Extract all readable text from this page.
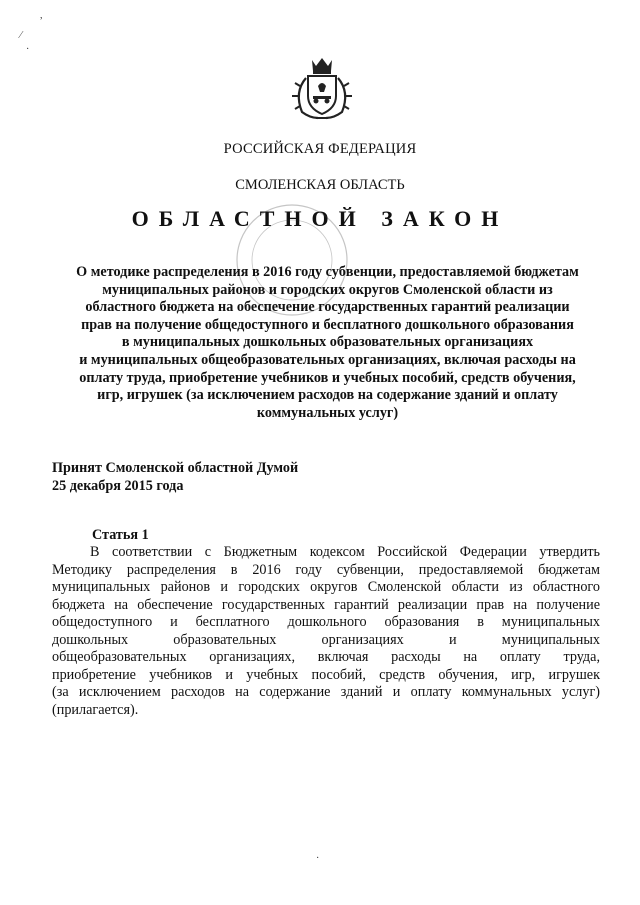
,
⁄
·
РОССИЙСКАЯ ФЕДЕРАЦИЯ
СМОЛЕНСКАЯ ОБЛАСТЬ
ОБЛАСТНОЙ ЗАКОН
О методике распределения в 2016 году субвенции, предоставляемой бюджетам
муниципальных районов и городских округов Смоленской области из
областного бюджета на обеспечение государственных гарантий реализации
прав на получение общедоступного и бесплатного дошкольного образования
в муниципальных дошкольных образовательных организациях
и муниципальных общеобразовательных организациях, включая расходы на
оплату труда, приобретение учебников и учебных пособий, средств обучения,
игр, игрушек (за исключением расходов на содержание зданий и оплату
коммунальных услуг)
Принят Смоленской областной Думой
25 декабря 2015 года
Статья 1
В соответствии с Бюджетным кодексом Российской Федерации утвердить
Методику распределения в 2016 году субвенции, предоставляемой бюджетам
муниципальных районов и городских округов Смоленской области из областного
бюджета на обеспечение государственных гарантий реализации прав на получение
общедоступного и бесплатного дошкольного образования в муниципальных
дошкольных образовательных организациях и муниципальных
общеобразовательных организациях, включая расходы на оплату труда,
приобретение учебников и учебных пособий, средств обучения, игр, игрушек
(за исключением расходов на содержание зданий и оплату коммунальных услуг)
(прилагается).
·
